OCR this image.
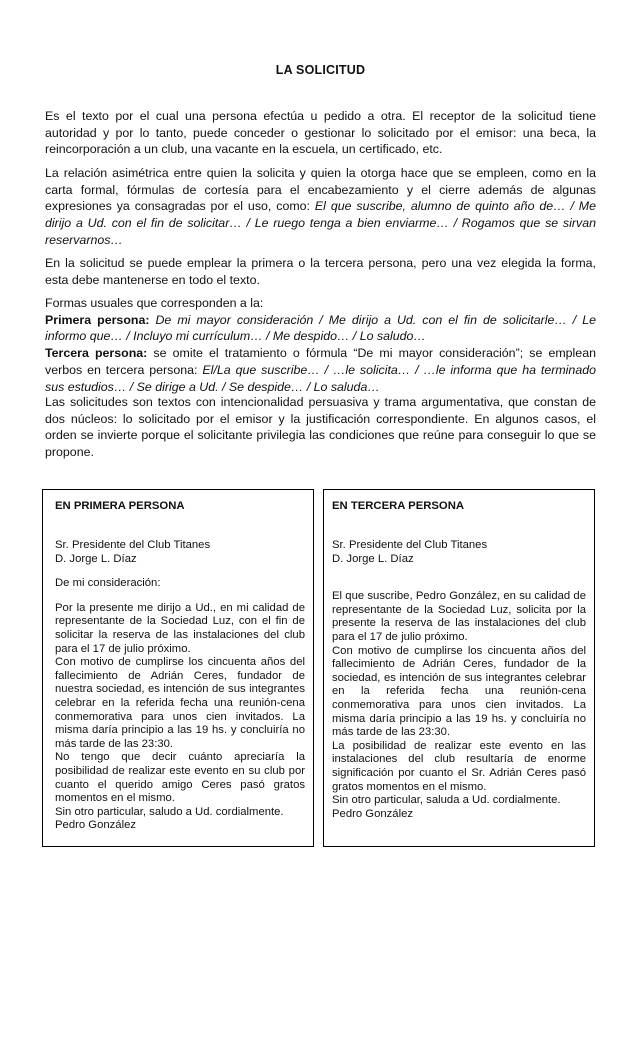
LA SOLICITUD

Es el texto por el cual una persona efectúa u pedido a otra. El receptor de la solicitud tiene autoridad y por lo tanto, puede conceder o gestionar lo solicitado por el emisor: una beca, la reincorporación a un club, una vacante en la escuela, un certificado, etc.

La relación asimétrica entre quien la solicita y quien la otorga hace que se empleen, como en la carta formal, fórmulas de cortesía para el encabezamiento y el cierre además de algunas expresiones ya consagradas por el uso, como: El que suscribe, alumno de quinto año de… / Me dirijo a Ud. con el fin de solicitar… / Le ruego tenga a bien enviarme… / Rogamos que se sirvan reservarnos…

En la solicitud se puede emplear la primera o la tercera persona, pero una vez elegida la forma, esta debe mantenerse en todo el texto.

Formas usuales que corresponden a la:
Primera persona: De mi mayor consideración / Me dirijo a Ud. con el fin de solicitarle… / Le informo que… / Incluyo mi currículum… / Me despido… / Lo saludo…
Tercera persona: se omite el tratamiento o fórmula “De mi mayor consideración”; se emplean verbos en tercera persona: El/La que suscribe… / …le solicita… / …le informa que ha terminado sus estudios… / Se dirige a Ud. / Se despide… / Lo saluda…

Las solicitudes son textos con intencionalidad persuasiva y trama argumentativa, que constan de dos núcleos: lo solicitado por el emisor y la justificación correspondiente. En algunos casos, el orden se invierte porque el solicitante privilegia las condiciones que reúne para conseguir lo que se propone.

EN PRIMERA PERSONA

Sr. Presidente del Club Titanes

D. Jorge L. Díaz

De mi consideración:

Por la presente me dirijo a Ud., en mi calidad de representante de la Sociedad Luz, con el fin de solicitar la reserva de las instalaciones del club para el 17 de julio próximo.

Con motivo de cumplirse los cincuenta años del fallecimiento de Adrián Ceres, fundador de nuestra sociedad, es intención de sus integrantes celebrar en la referida fecha una reunión-cena conmemorativa para unos cien invitados. La misma daría principio a las 19 hs. y concluiría no más tarde de las 23:30.

No tengo que decir cuánto apreciaría la posibilidad de realizar este evento en su club por cuanto el querido amigo Ceres pasó gratos momentos en el mismo.

Sin otro particular, saludo a Ud. cordialmente.

Pedro González

EN TERCERA PERSONA

Sr. Presidente del Club Titanes

D. Jorge L. Díaz

El que suscribe, Pedro González, en su calidad de representante de la Sociedad Luz, solicita por la presente la reserva de las instalaciones del club para el 17 de julio próximo.

Con motivo de cumplirse los cincuenta años del fallecimiento de Adrián Ceres, fundador de la sociedad, es intención de sus integrantes celebrar en la referida fecha una reunión-cena conmemorativa para unos cien invitados. La misma daría principio a las 19 hs. y concluiría no más tarde de las 23:30.

La posibilidad de realizar este evento en las instalaciones del club resultaría de enorme significación por cuanto el Sr. Adrián Ceres pasó gratos momentos en el mismo.

Sin otro particular, saluda a Ud. cordialmente.

Pedro González
